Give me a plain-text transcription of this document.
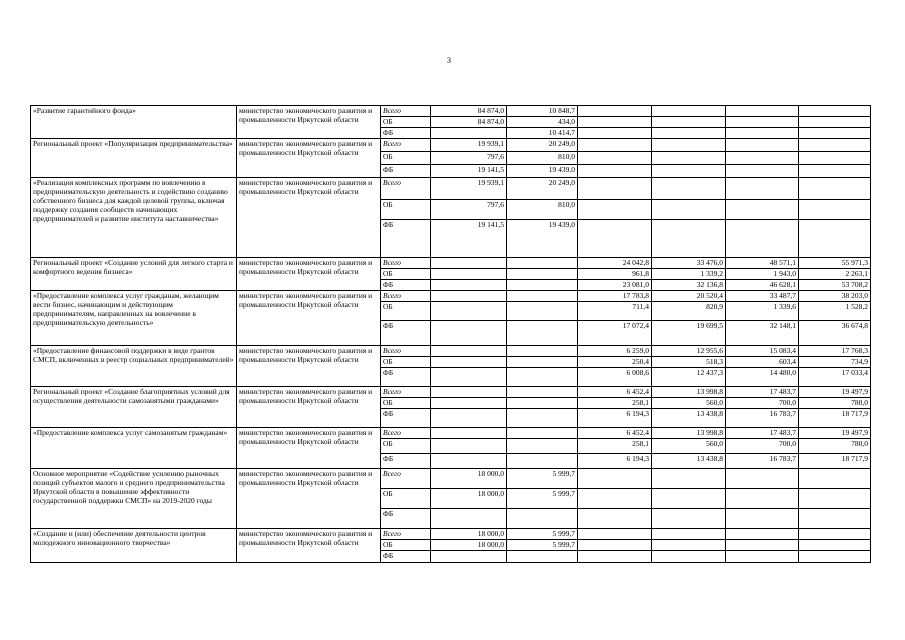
3
«Развитие гарантийного фонда»	министерство экономического развития и промышленности Иркутской области	Всего	84 874,0	10 848,7				
		ОБ	84 874,0	434,0				
		ФБ		10 414,7				
Региональный проект «Популяризация предпринимательства»	министерство экономического развития и промышленности Иркутской области	Всего	19 939,1	20 249,0				
		ОБ	797,6	810,0				
		ФБ	19 141,5	19 439,0				
«Реализация комплексных программ по вовлечению в предпринимательскую деятельность и содействию созданию собственного бизнеса для каждой целевой группы, включая поддержку создания сообществ начинающих предпринимателей и развитие института наставничества»	министерство экономического развития и промышленности Иркутской области	Всего	19 939,1	20 249,0				
		ОБ	797,6	810,0				
		ФБ	19 141,5	19 439,0				
Региональный проект «Создание условий для легкого старта и комфортного ведения бизнеса»	министерство экономического развития и промышленности Иркутской области	Всего			24 042,8	33 476,0	48 571,1	55 971,3
		ОБ			961,8	1 339,2	1 943,0	2 263,1
		ФБ			23 081,0	32 136,8	46 628,1	53 708,2
«Предоставление комплекса услуг гражданам, желающим вести бизнес, начинающим и действующим предпринимателям, направленных на вовлечение в предпринимательскую деятельность»	министерство экономического развития и промышленности Иркутской области	Всего			17 783,8	20 520,4	33 487,7	38 203,0
		ОБ			711,4	820,9	1 339,6	1 528,2
		ФБ			17 072,4	19 699,5	32 148,1	36 674,8
«Предоставление финансовой поддержки в виде грантов СМСП, включенных в реестр социальных предпринимателей»	министерство экономического развития и промышленности Иркутской области	Всего			6 259,0	12 955,6	15 083,4	17 768,3
		ОБ			250,4	518,3	603,4	734,9
		ФБ			6 008,6	12 437,3	14 480,0	17 033,4
Региональный проект «Создание благоприятных условий для осуществления деятельности самозанятыми гражданами»	министерство экономического развития и промышленности Иркутской области	Всего			6 452,4	13 998,8	17 483,7	19 497,9
		ОБ			258,1	560,0	700,0	780,0
		ФБ			6 194,3	13 438,8	16 783,7	18 717,9
«Предоставление комплекса услуг самозанятым гражданам»	министерство экономического развития и промышленности Иркутской области	Всего			6 452,4	13 998,8	17 483,7	19 497,9
		ОБ			258,1	560,0	700,0	780,0
		ФБ			6 194,3	13 438,8	16 783,7	18 717,9
Основное мероприятие «Содействие усилению рыночных позиций субъектов малого и среднего предпринимательства Иркутской области в повышение эффективности государственной поддержки СМСП» на 2019-2020 годы	министерство экономического развития и промышленности Иркутской области	Всего	18 000,0	5 999,7				
		ОБ	18 000,0	5 999,7				
		ФБ						
«Создание и (или) обеспечение деятельности центров молодежного инновационного творчества»	министерство экономического развития и промышленности Иркутской области	Всего	18 000,0	5 999,7				
		ОБ	18 000,0	5 999,7				
		ФБ						
